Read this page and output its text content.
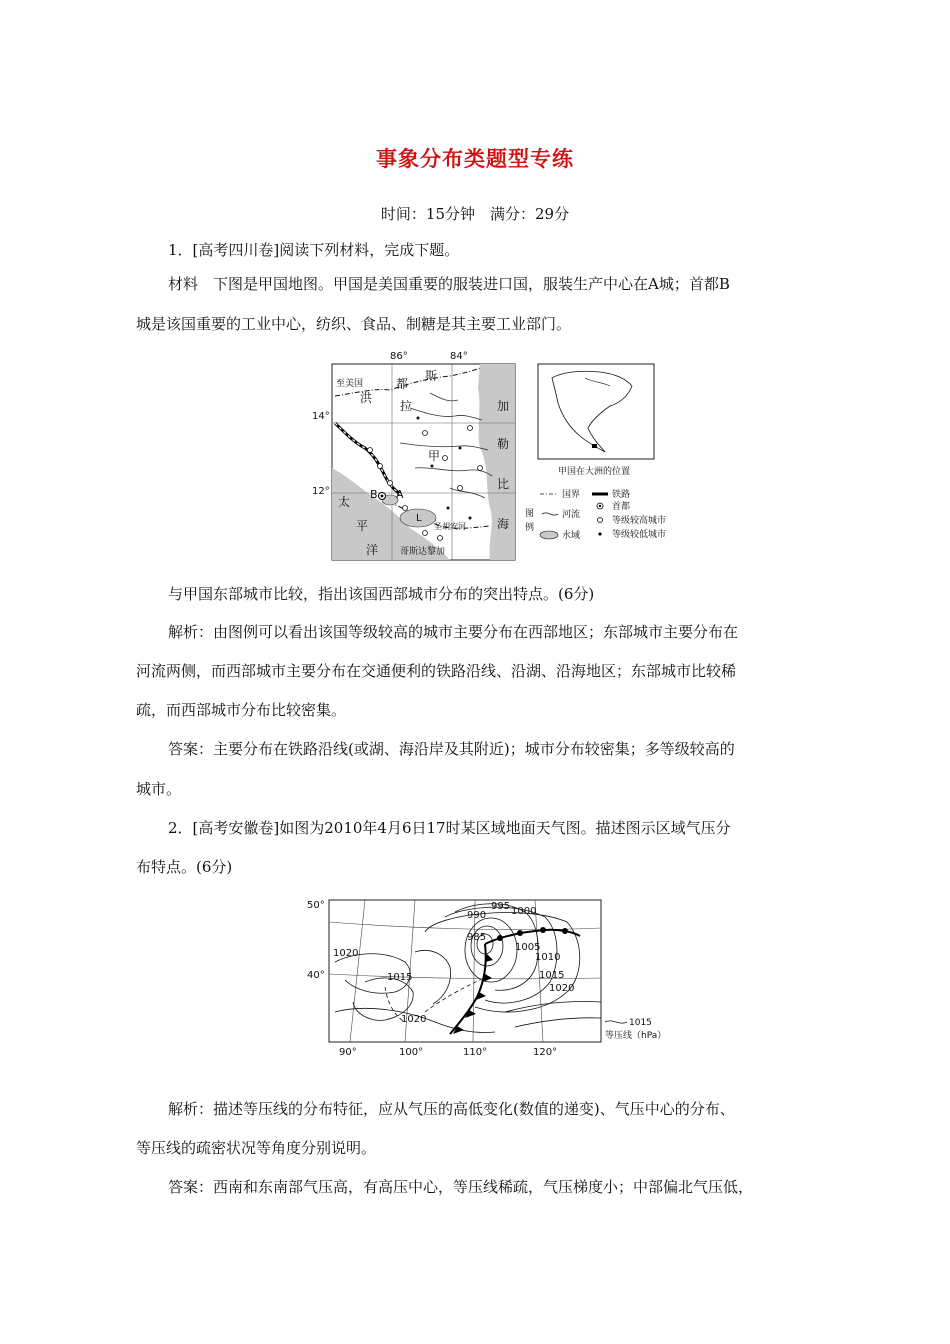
事象分布类题型专练
时间：15分钟　满分：29分
1．[高考四川卷]阅读下列材料，完成下题。
材料　下图是甲国地图。甲国是美国重要的服装进口国，服装生产中心在A城；首都B
城是该国重要的工业中心，纺织、食品、制糖是其主要工业部门。
86°	84°
至美国
洪
都
拉
斯
甲
A
B
L
太
平
洋 哥斯达黎加
加
勒
比
海
圣胡安河
甲国在大洲的位置
图
例
国界
河流
水域
铁路
首都
等级较高城市
等级较低城市
14°
12°
与甲国东部城市比较，指出该国西部城市分布的突出特点。(6分)
解析：由图例可以看出该国等级较高的城市主要分布在西部地区；东部城市主要分布在
河流两侧，而西部城市主要分布在交通便利的铁路沿线、沿湖、沿海地区；东部城市比较稀
疏，而西部城市分布比较密集。
答案：主要分布在铁路沿线(或湖、海沿岸及其附近)；城市分布较密集；多等级较高的
城市。
2．[高考安徽卷]如图为2010年4月6日17时某区域地面天气图。描述图示区域气压分
布特点。(6分)
990
995 1000
985
1005
1010
1015
1020
1020
1015
1020
50°
40°
90°	100°	110°	120°
1015
等压线（hPa）
解析：描述等压线的分布特征，应从气压的高低变化(数值的递变)、气压中心的分布、
等压线的疏密状况等角度分别说明。
答案：西南和东南部气压高，有高压中心，等压线稀疏，气压梯度小；中部偏北气压低，
